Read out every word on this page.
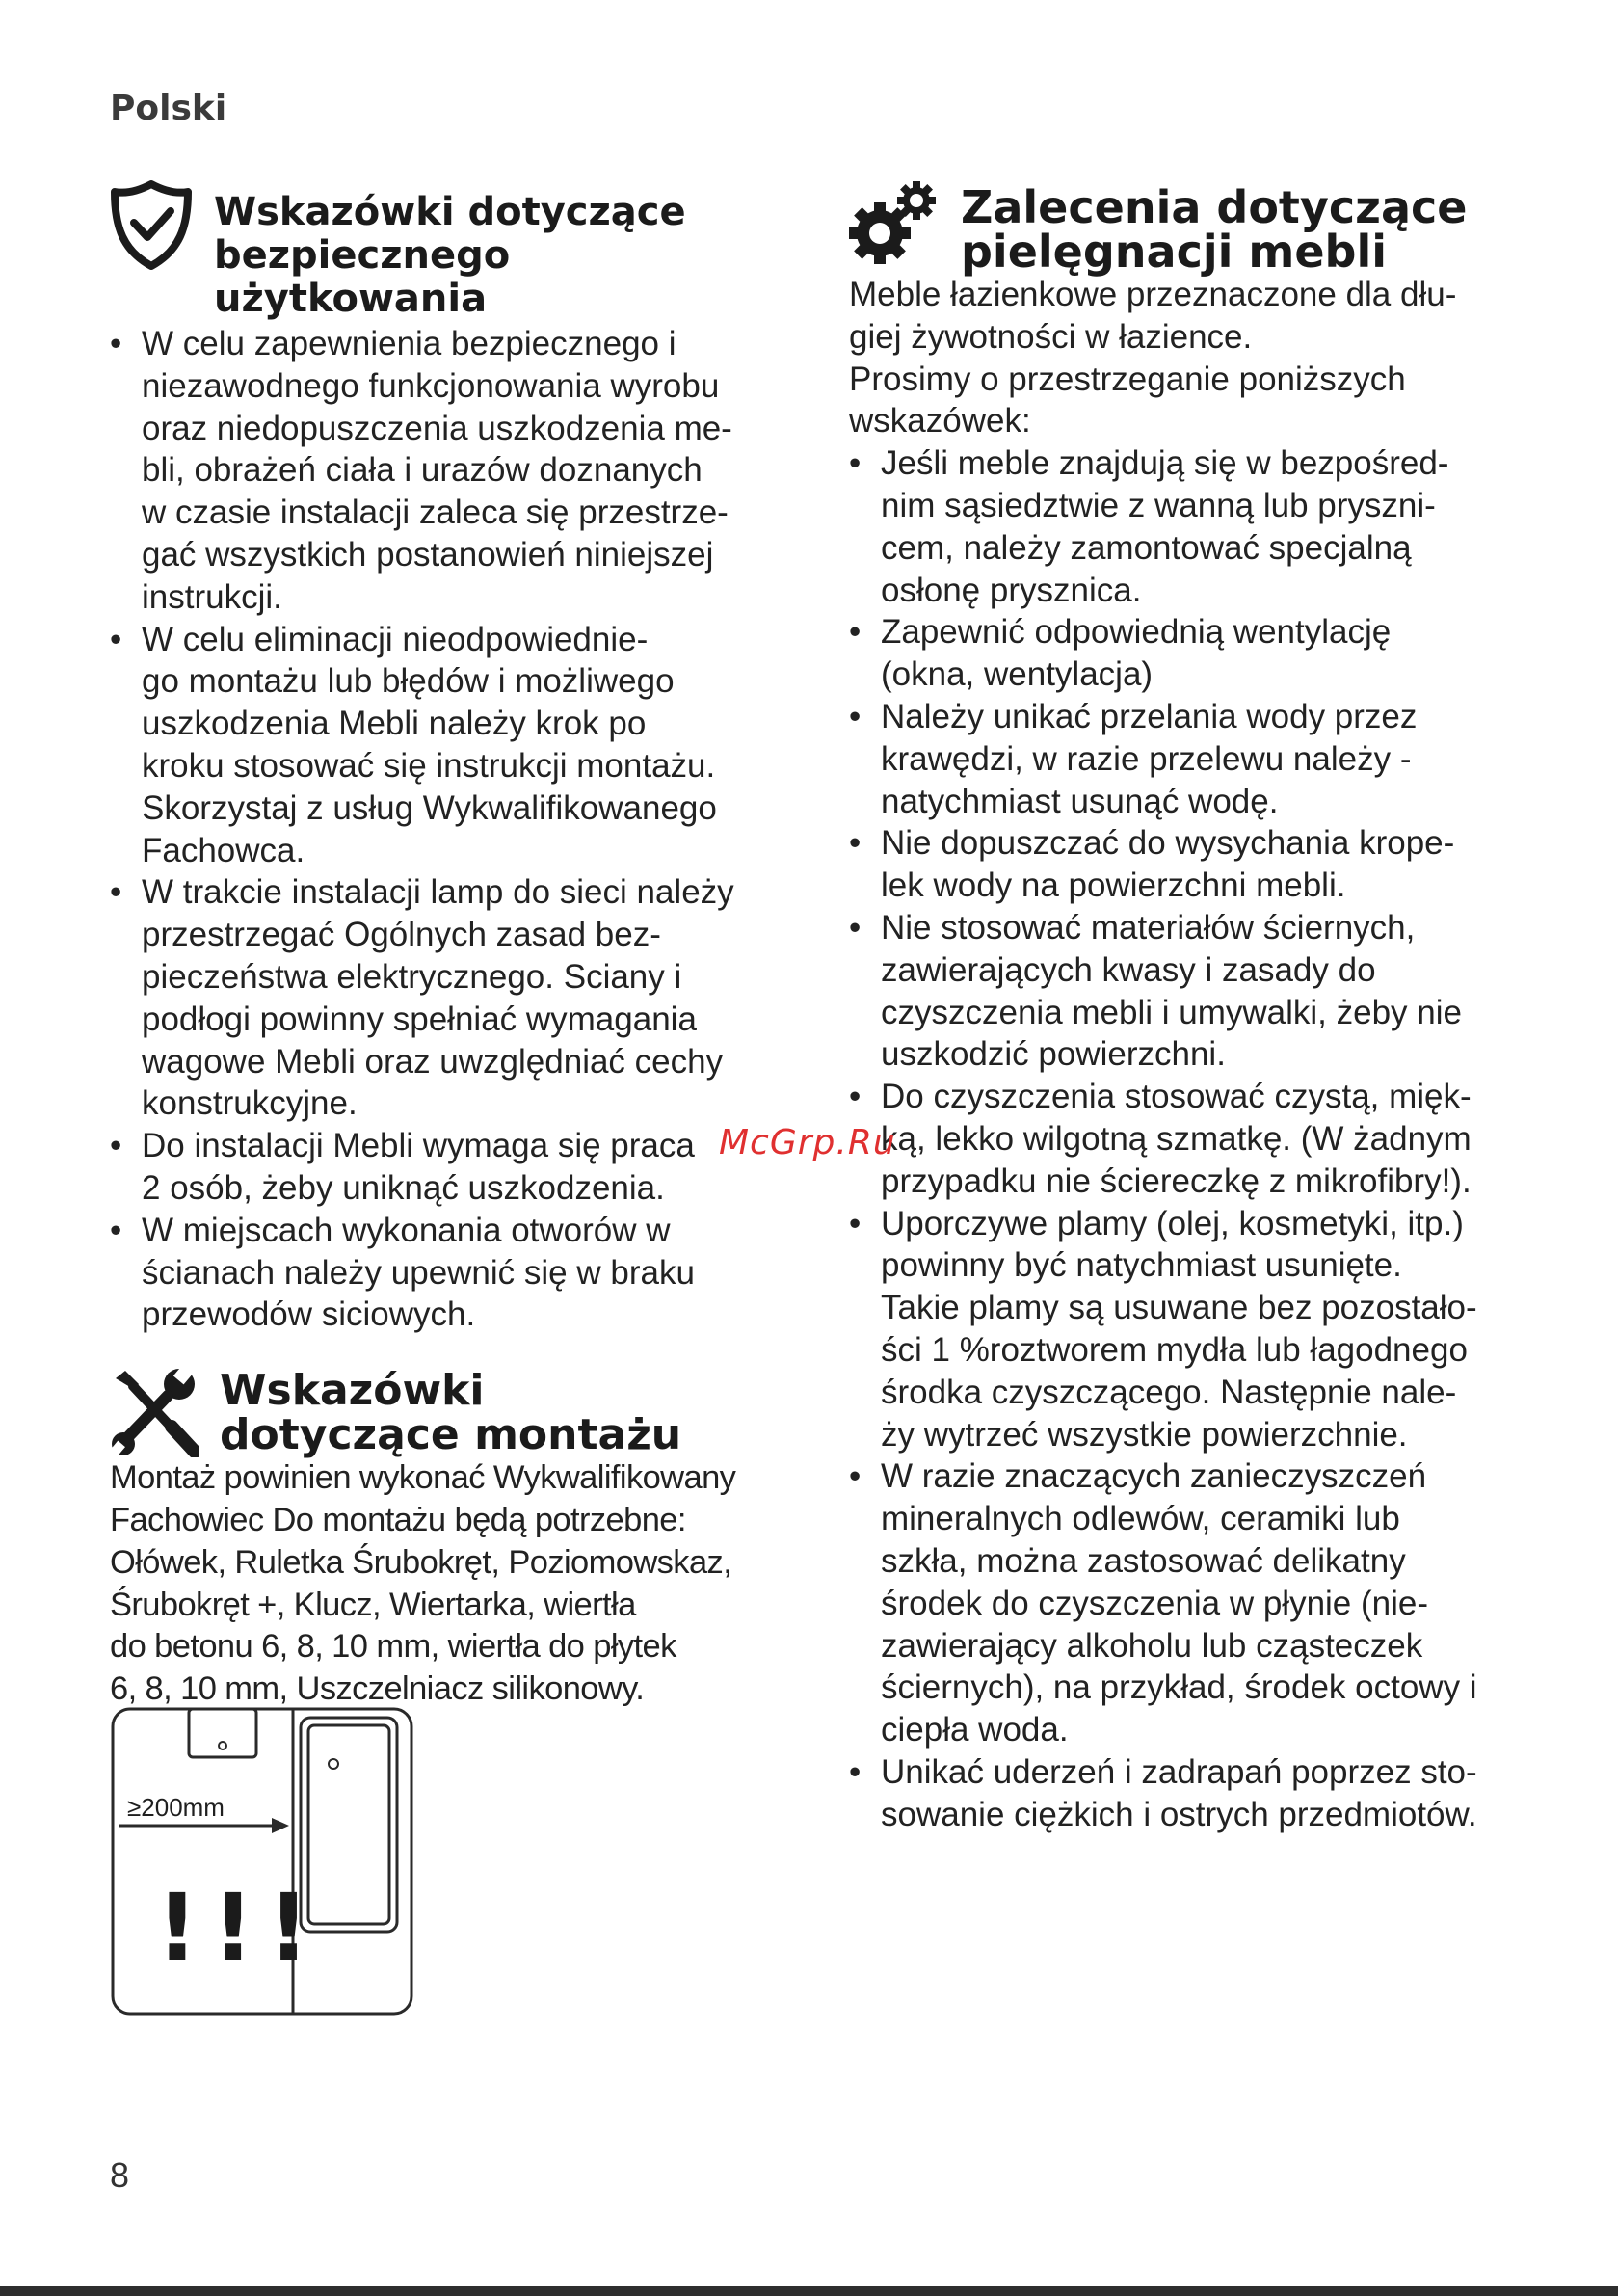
Polski
Wskazówki dotyczące
bezpiecznego użytkowania
• W celu zapewnienia bezpiecznego i
niezawodnego funkcjonowania wyrobu
oraz niedopuszczenia uszkodzenia me-
bli, obrażeń ciała i urazów doznanych
w czasie instalacji zaleca się przestrze-
gać wszystkich postanowień niniejszej
instrukcji.
• W celu eliminacji nieodpowiednie-
go montażu lub błędów i możliwego
uszkodzenia Mebli należy krok po
kroku stosować się instrukcji montażu.
Skorzystaj z usług Wykwalifikowanego
Fachowca.
• W trakcie instalacji lamp do sieci należy
przestrzegać Ogólnych zasad bez-
pieczeństwa elektrycznego. Sciany i
podłogi powinny spełniać wymagania
wagowe Mebli oraz uwzględniać cechy
konstrukcyjne.
• Do instalacji Mebli wymaga się praca
2 osób, żeby uniknąć uszkodzenia.
• W miejscach wykonania otworów w
ścianach należy upewnić się w braku
przewodów siciowych.
Wskazówki
dotyczące montażu
Montaż powinien wykonać Wykwalifikowany
Fachowiec Do montażu będą potrzebne:
Ołówek, Ruletka Śrubokręt, Poziomowskaz,
Śrubokręt +, Klucz, Wiertarka, wiertła
do betonu 6, 8, 10 mm, wiertła do płytek
6, 8, 10 mm, Uszczelniacz silikonowy.
≥200mm
!!!
Zalecenia dotyczące
pielęgnacji mebli
Meble łazienkowe przeznaczone dla dłu-
giej żywotności w łazience.
Prosimy o przestrzeganie poniższych
wskazówek:
• Jeśli meble znajdują się w bezpośred-
nim sąsiedztwie z wanną lub pryszni-
cem, należy zamontować specjalną
osłonę prysznica.
• Zapewnić odpowiednią wentylację
(okna, wentylacja)
• Należy unikać przelania wody przez
krawędzi, w razie przelewu należy -
natychmiast usunąć wodę.
• Nie dopuszczać do wysychania krope-
lek wody na powierzchni mebli.
• Nie stosować materiałów ściernych,
zawierających kwasy i zasady do
czyszczenia mebli i umywalki, żeby nie
uszkodzić powierzchni.
• Do czyszczenia stosować czystą, mięk-
ką, lekko wilgotną szmatkę. (W żadnym
przypadku nie ściereczkę z mikrofibry!).
• Uporczywe plamy (olej, kosmetyki, itp.)
powinny być natychmiast usunięte.
Takie plamy są usuwane bez pozostało-
ści 1 %roztworem mydła lub łagodnego
środka czyszczącego. Następnie nale-
ży wytrzeć wszystkie powierzchnie.
• W razie znaczących zanieczyszczeń
mineralnych odlewów, ceramiki lub
szkła, można zastosować delikatny
środek do czyszczenia w płynie (nie-
zawierający alkoholu lub cząsteczek
ściernych), na przykład, środek octowy i
ciepła woda.
• Unikać uderzeń i zadrapań poprzez sto-
sowanie ciężkich i ostrych przedmiotów.
McGrp.Ru
8
